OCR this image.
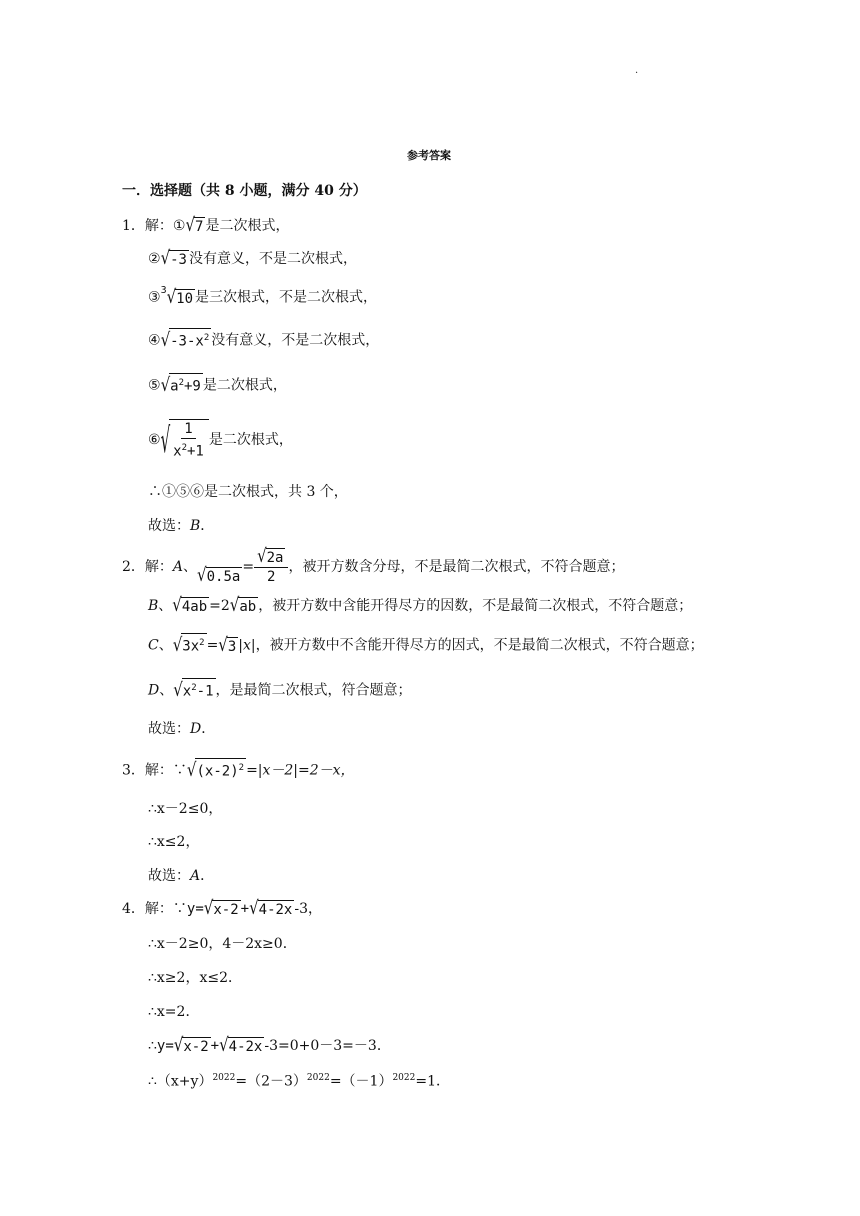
·
参考答案
一．选择题（共 8 小题，满分 40 分）
1．解：① √ 7 是二次根式，
② √ -3 没有意义，不是二次根式，
③$^3$ √ 10 是三次根式，不是二次根式，
④ √ $-3-x^2$ 没有意义，不是二次根式，
⑤ √ $a^2+9$ 是二次根式，
⑥ √ $\frac{1}{x^2+1}$ 是二次根式，
∴①⑤⑥是二次根式，共 3 个，
故选：B．
2．解：A、 √ 0.5a
= $\frac{√ 2a}{2}$ ，被开方数含分母，不是最简二次根式，不符合题意；
B、 √ 4ab =2 √ ab ，被开方数中含能开得尽方的因数，不是最简二次根式，不符合题意；
C、 √ $3x^2$ = √ 3 |x|，被开方数中不含能开得尽方的因式，不是最简二次根式，不符合题意；
D、 √ $x^2-1$ ，是最简二次根式，符合题意；
故选：D．
3．解：∵ √ $(x-2)^2 =|x-2|=2-x$，
∴x－2≤0，
∴x≤2，
故选：A．
4．解：∵y= √ x-2 + √ 4-2x -3，
∴x－2≥0，4－2x≥0．
∴x≥2，x≤2．
∴x=2．
∴y= √ x-2 + √ 4-2x -3=0+0－3=－3．
$\therefore(x+y)^{2022}=(2-3)^{2022}=(-1)^{2022}=1$．
